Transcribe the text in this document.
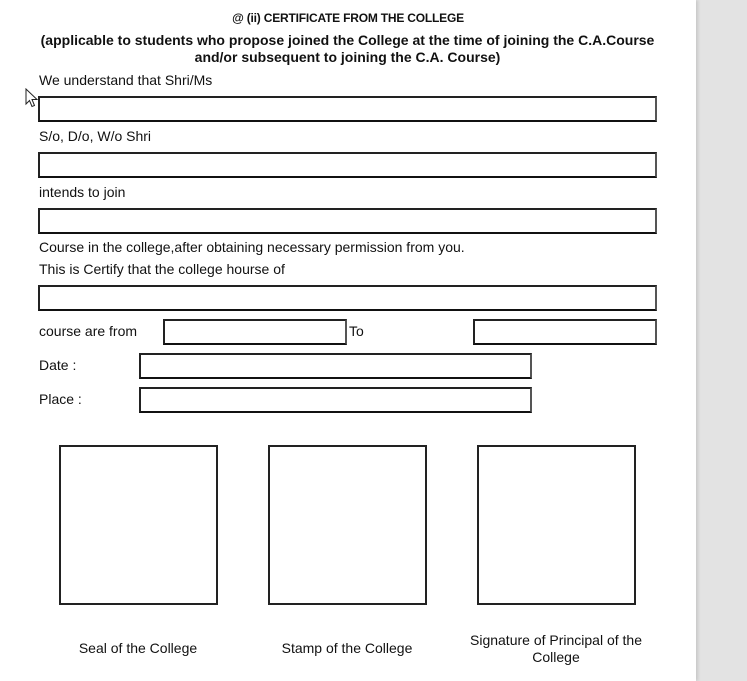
@ (ii) CERTIFICATE FROM THE COLLEGE
(applicable to students who propose joined the College at the time of joining the C.A.Course
and/or subsequent to joining the C.A. Course)
We understand that Shri/Ms
S/o, D/o, W/o Shri
intends to join
Course in the college,after obtaining necessary permission from you.
This is Certify that the college hourse of
course are from	To
Date :
Place :
Seal of the College	Stamp of the College	Signature of Principal of the College
